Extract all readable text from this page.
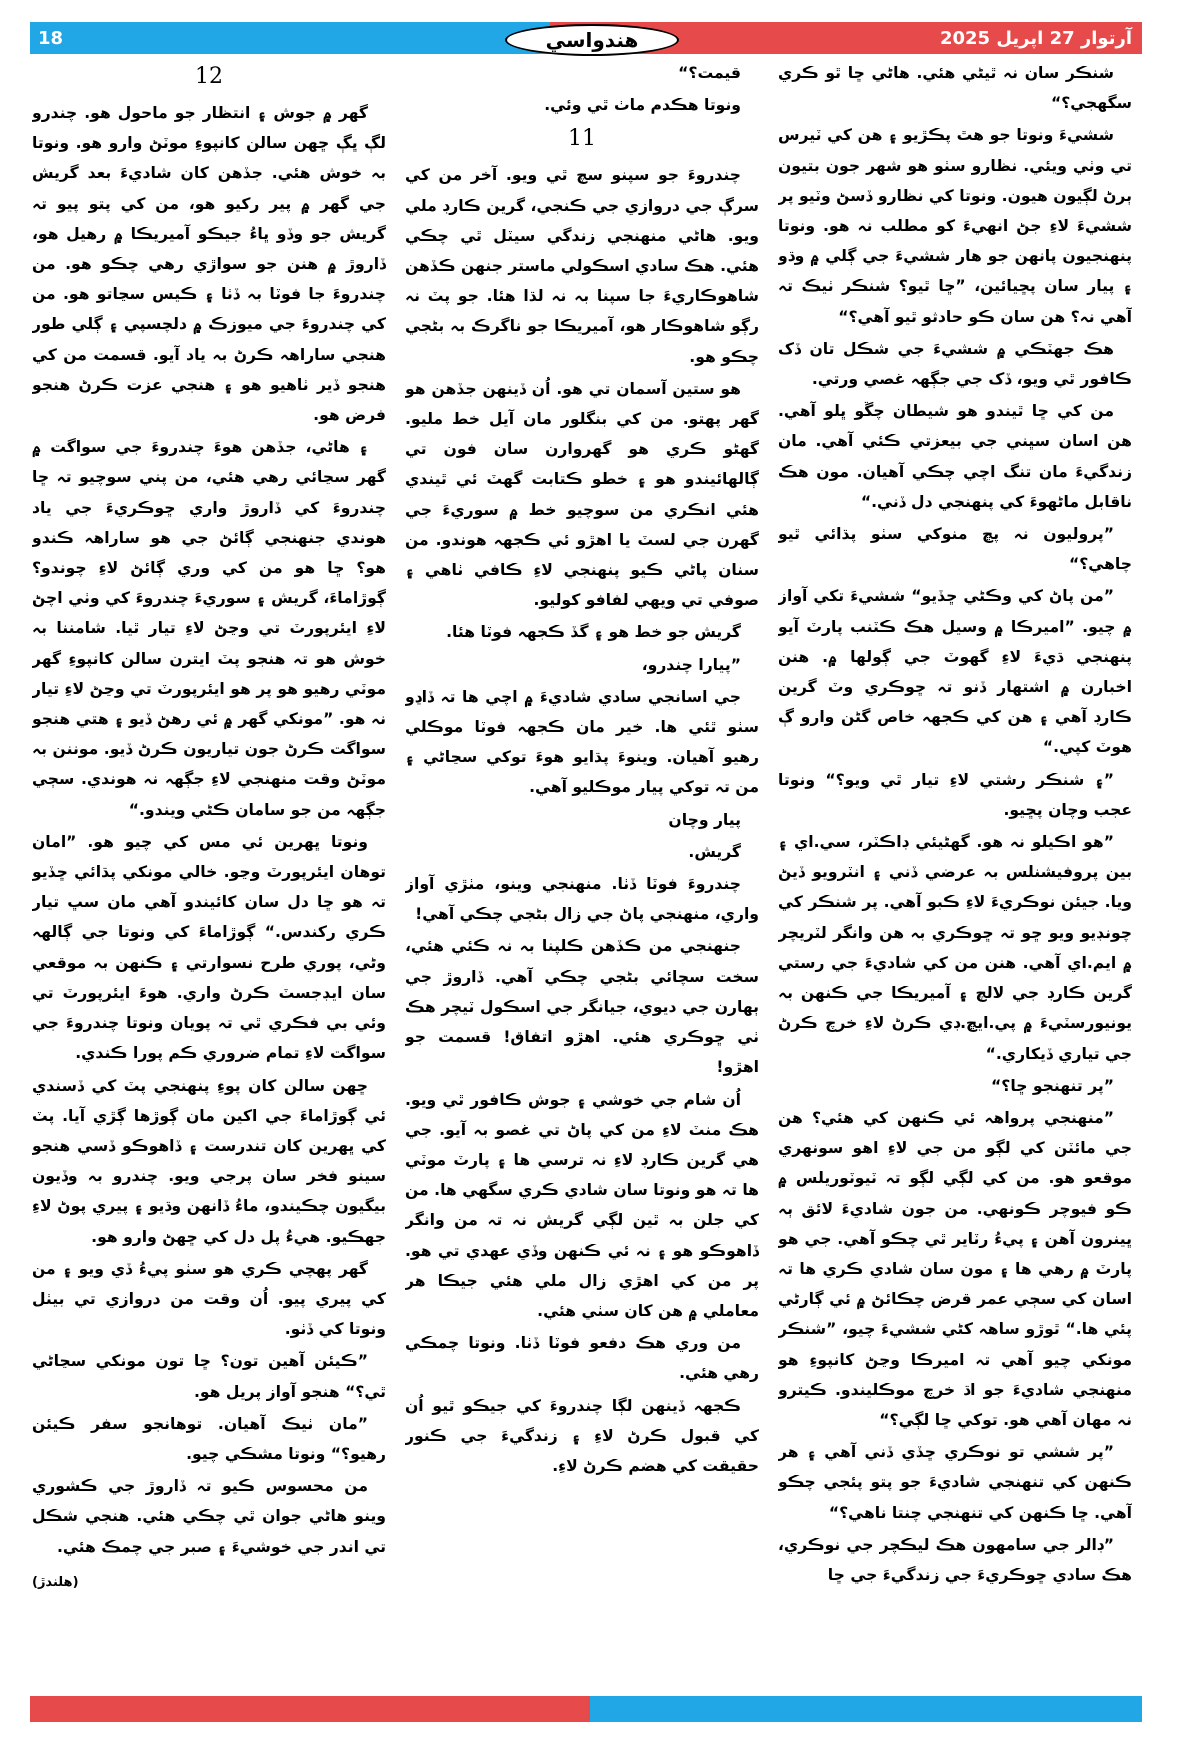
18	آرتوار 27 اپريل 2025
هندواسي

شنڪر سان نہ ٿيڻي هئي. هاڻي ڇا ٿو ڪري سگهجي؟“

ششيءَ ونوتا جو هٿ پڪڙيو ۽ هن کي ٽيرس تي وٺي ويئي. نظارو سٺو هو شهر جون بتيون ٻرڻ لڳيون هيون. ونوتا کي نظارو ڏسڻ وٽيو پر ششيءَ لاءِ جڻ انهيءَ کو مطلب نہ هو. ونوتا پنهنجيون پانهن جو هار ششيءَ جي ڳلي ۾ وڌو ۽ پيار سان پڇيائين، ”ڇا ٿيو؟ شنڪر ٺيڪ تہ آهي نہ؟ هن سان ڪو حادثو ٿيو آهي؟“

هڪ جهٽڪي ۾ ششيءَ جي شڪل تان ڏک ڪافور ٿي ويو، ڏک جي جڳهہ غصي ورتي.

من کي ڇا ٿيندو هو شيطان چڱو ڀلو آهي. هن اسان سڀني جي بيعزتي ڪئي آهي. مان زندگيءَ مان تنگ اچي چڪي آهيان. مون هڪ ناقابل ماڻهوءَ کي پنهنجي دل ڏني.“

”پروليون نہ پڇ منوکي سٺو پڌائي ٿيو چاهي؟“

”من پاڻ کي وڪڻي ڇڏيو“ ششيءَ تکي آواز ۾ چيو. ”اميرڪا ۾ وسيل هڪ ڪٽنب پارٽ آيو پنهنجي ڌيءَ لاءِ گهوٽ جي ڳولها ۾. هنن اخبارن ۾ اشتهار ڏنو تہ ڇوڪري وٽ گرين ڪارڊ آهي ۽ هن کي ڪجهہ خاص گڻن وارو ڳ هوٽ کپي.“

”۽ شنڪر رشتي لاءِ تيار ٿي ويو؟“ ونوتا عجب وچان پڇيو.

”هو اڪيلو نہ هو. گهڻيئي ڊاڪٽر، سي.اي ۽ بين پروفيشنلس بہ عرضي ڏني ۽ انٽرويو ڏيڻ ويا. جيئن نوڪريءَ لاءِ ڪبو آهي. پر شنڪر کي چونڊيو ويو ڇو تہ ڇوڪري بہ هن وانگر لٽريچر ۾ ايم.اي آهي. هنن من کي شاديءَ جي رستي گرين ڪارڊ جي لالچ ۽ آميريڪا جي ڪنهن بہ يونيورسٽيءَ ۾ پي.ايڇ.ڊي ڪرڻ لاءِ خرچ ڪرڻ جي تياري ڏيکاري.“

”پر تنهنجو ڇا؟“

”منهنجي پرواهہ ئي ڪنهن کي هئي؟ هن جي مائٽن کي لڳو من جي لاءِ اهو سونهري موقعو هو. من کي لڳي لڳو تہ ٽيوٽوريلس ۾ ڪو فيوچر ڪونهي. من جون شاديءَ لائق ٻہ ڀينرون آهن ۽ پيءُ رٽاير ٿي چڪو آهي. جي هو پارٽ ۾ رهي ها ۽ مون سان شادي ڪري ها تہ اسان کي سڄي عمر قرض چڪائڻ ۾ ئي ڳارڻي پئي ها.“ ٿوڙو ساهہ کڻي ششيءَ چيو، ”شنڪر مونکي چيو آهي تہ اميرڪا وڃڻ کانپوءِ هو منهنجي شاديءَ جو اڌ خرچ موڪليندو. ڪيترو نہ مهان آهي هو. توکي ڇا لڳي؟“

”پر ششي تو نوڪري ڇڏي ڏني آهي ۽ هر ڪنهن کي تنهنجي شاديءَ جو پتو پئجي چڪو آهي. ڇا ڪنهن کي تنهنجي چنتا ناهي؟“

”ڊالر جي سامهون هڪ ليڪچر جي نوڪري، هڪ سادي ڇوڪريءَ جي زندگيءَ جي ڇا

قيمت؟“

ونوتا هڪدم ماٺ ٿي وئي.

11

چندروءَ جو سپنو سچ ٿي ويو. آخر من کي سرڳ جي دروازي جي ڪنجي، گرين ڪارڊ ملي ويو. هاڻي منهنجي زندگي سيٽل ٿي چڪي هئي. هڪ سادي اسڪولي ماستر جنهن ڪڏهن شاهوڪاريءَ جا سپنا بہ نہ لڌا هئا. جو پٽ نہ رڳو شاهوڪار هو، آميريڪا جو ناگرڪ بہ بڻجي چڪو هو.

هو ستين آسمان تي هو. اُن ڏينهن جڏهن هو گهر پهتو. من کي بنگلور مان آيل خط مليو. گهڻو ڪري هو گهروارن سان فون تي ڳالهائيندو هو ۽ خطو ڪتابت گهٽ ئي ٿيندي هئي انڪري من سوچيو خط ۾ سوريءَ جي گهرن جي لسٽ يا اهڙو ئي ڪجهہ هوندو. من سنان پاڻي ڪيو پنهنجي لاءِ ڪافي ٺاهي ۽ صوفي تي ويهي لفافو کوليو.

گريش جو خط هو ۽ گڏ ڪجهہ فوٽا هئا.

”پيارا چندرو،

جي اسانجي سادي شاديءَ ۾ اچي ها تہ ڏاڍو سٺو ٿئي ها. خير مان ڪجهہ فوٽا موڪلي رهيو آهيان. وينوءَ پڌايو هوءَ توکي سڃاڻي ۽ من تہ توکي پيار موڪليو آهي.

پيار وچان

گريش.

چندروءَ فوٽا ڏٺا. منهنجي وينو، مٺڙي آواز واري، منهنجي پاڻ جي زال بڻجي چڪي آهي!

جنهنجي من ڪڏهن ڪلپنا بہ نہ ڪئي هئي، سخت سچائي بڻجي چڪي آهي. ڏاروڙ جي ٻهارن جي ديوي، جيانگر جي اسڪول ٽيچر هڪ ٺي ڇوڪري هئي. اهڙو اتفاق! قسمت جو اهڙو!

اُن شام جي خوشي ۽ جوش ڪافور ٿي ويو. هڪ منٽ لاءِ من کي پاڻ تي غصو بہ آيو. جي هي گرين ڪارڊ لاءِ نہ ترسي ها ۽ پارٽ موٽي ها تہ هو ونوتا سان شادي ڪري سگهي ها. من کي جلن بہ ٿين لڳي گريش نہ تہ من وانگر ڏاهوڪو هو ۽ نہ ئي ڪنهن وڏي عهدي تي هو. پر من کي اهڙي زال ملي هئي جيڪا هر معاملي ۾ هن کان سٺي هئي.

من وري هڪ دفعو فوٽا ڏٺا. ونوتا چمڪي رهي هئي.

ڪجهہ ڏينهن لڳا چندروءَ کي جيڪو ٿيو اُن کي قبول ڪرڻ لاءِ ۽ زندگيءَ جي ڪنور حقيقت کي هضم ڪرڻ لاءِ.

12

گهر ۾ جوش ۽ انتظار جو ماحول هو. چندرو لڳ ڀڳ ڇهن سالن کانپوءِ موٽڻ وارو هو. ونوتا بہ خوش هئي. جڏهن کان شاديءَ بعد گريش جي گهر ۾ پير رکيو هو، من کي پتو پيو تہ گريش جو وڏو ڀاءُ جيڪو آميريڪا ۾ رهيل هو، ڏاروڙ ۾ هنن جو سواڙي رهي چڪو هو. من چندروءَ جا فوٽا بہ ڏٺا ۽ ڪيس سڃاتو هو. من کي چندروءَ جي ميوزڪ ۾ دلچسپي ۽ ڳلي طور هنجي ساراهہ ڪرڻ بہ ياد آيو. قسمت من کي هنجو ڏير ٺاهيو هو ۽ هنجي عزت ڪرڻ هنجو فرض هو.

۽ هاڻي، جڏهن هوءَ چندروءَ جي سواگت ۾ گهر سڃائي رهي هئي، من پني سوچيو تہ ڇا چندروءَ کي ڏاروڙ واري ڇوڪريءَ جي ياد هوندي جنهنجي ڳائڻ جي هو ساراهہ ڪندو هو؟ ڇا هو من کي وري ڳائڻ لاءِ چوندو؟ ڳوڙاماءَ، گريش ۽ سوريءَ چندروءَ کي وٺي اچڻ لاءِ ايئرپورٽ تي وڃڻ لاءِ تيار ٿيا. شامننا بہ خوش هو تہ هنجو پٽ ايترن سالن کانپوءِ گهر موٽي رهيو هو پر هو ايئرپورٽ تي وڃڻ لاءِ تيار نہ هو. ”مونکي گهر ۾ ئي رهڻ ڏيو ۽ هتي هنجو سواگت ڪرڻ جون تياريون ڪرڻ ڏيو. موننن بہ موٽڻ وقت منهنجي لاءِ جڳهہ نہ هوندي. سڄي جڳهہ من جو سامان ڪڻي ويندو.“

ونوتا ڀهرين ئي مس کي چيو هو. ”امان توهان ايئرپورٽ وڃو. خالي مونکي پڌائي ڇڏيو تہ هو ڇا دل سان کائيندو آهي مان سڀ تيار ڪري رکندس.“ ڳوڙاماءَ کي ونوتا جي ڳالهہ وڻي، پوري طرح نسوارتي ۽ ڪنهن بہ موقعي سان ايڊجسٽ ڪرڻ واري. هوءَ ايئرپورٽ تي وئي بي فڪري ٿي تہ پويان ونوتا چندروءَ جي سواگت لاءِ تمام ضروري ڪم پورا ڪندي.

ڇهن سالن کان پوءِ پنهنجي پٽ کي ڏسندي ئي ڳوڙاماءَ جي اکين مان ڳوڙها ڳڙي آيا. پٽ کي ڀهرين کان تندرست ۽ ڏاهوڪو ڏسي هنجو سينو فخر سان پرجي ويو. چندرو بہ وڏيون بيگيون چڪيندو، ماءُ ڏانهن وڌيو ۽ پيري پوڻ لاءِ جهڪيو. هيءُ پل دل کي ڇهڻ وارو هو.

گهر پهچي ڪري هو سٺو پيءُ ڏي ويو ۽ من کي پيري پيو. اُن وقت من دروازي تي بيٺل ونوتا کي ڏٺو.

”ڪيئن آهين تون؟ ڇا تون مونکي سڃاڻي ٿي؟“ هنجو آواز پريل هو.

”مان ٺيڪ آهيان. توهانجو سفر ڪيئن رهيو؟“ ونوتا مشڪي چيو.

من محسوس ڪيو تہ ڏاروڙ جي ڪشوري وينو هاڻي جوان ٿي چڪي هئي. هنجي شڪل تي اندر جي خوشيءَ ۽ صبر جي چمڪ هئي.

(هلندڙ)
